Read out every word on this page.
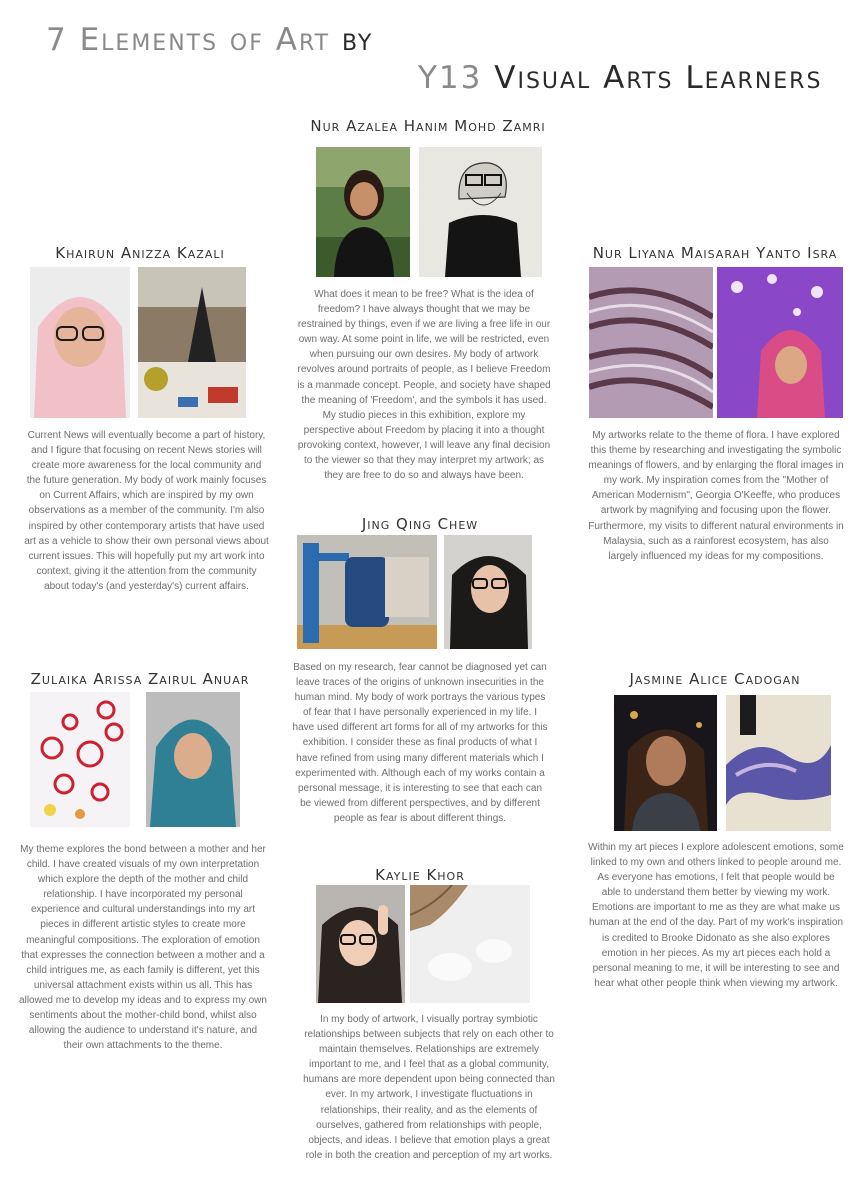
7 Elements of Art by
Y13 Visual Arts Learners
Nur Azalea Hanim Mohd Zamri

What does it mean to be free? What is the idea of freedom? I have always thought that we may be restrained by things, even if we are living a free life in our own way. At some point in life, we will be restricted, even when pursuing our own desires. My body of artwork revolves around portraits of people, as I believe Freedom is a manmade concept. People, and society have shaped the meaning of 'Freedom', and the symbols it has used. My studio pieces in this exhibition, explore my perspective about Freedom by placing it into a thought provoking context, however, I will leave any final decision to the viewer so that they may interpret my artwork; as they are free to do so and always have been.

Khairun Anizza Kazali

Current News will eventually become a part of history, and I figure that focusing on recent News stories will create more awareness for the local community and the future generation. My body of work mainly focuses on Current Affairs, which are inspired by my own observations as a member of the community. I'm also inspired by other contemporary artists that have used art as a vehicle to show their own personal views about current issues. This will hopefully put my art work into context, giving it the attention from the community about today's (and yesterday's) current affairs.

Nur Liyana Maisarah Yanto Isra

My artworks relate to the theme of flora. I have explored this theme by researching and investigating the symbolic meanings of flowers, and by enlarging the floral images in my work. My inspiration comes from the "Mother of American Modernism", Georgia O'Keeffe, who produces artwork by magnifying and focusing upon the flower. Furthermore, my visits to different natural environments in Malaysia, such as a rainforest ecosystem, has also largely influenced my ideas for my compositions.

Jing Qing Chew

Based on my research, fear cannot be diagnosed yet can leave traces of the origins of unknown insecurities in the human mind. My body of work portrays the various types of fear that I have personally experienced in my life. I have used different art forms for all of my artworks for this exhibition. I consider these as final products of what I have refined from using many different materials which I experimented with. Although each of my works contain a personal message, it is interesting to see that each can be viewed from different perspectives, and by different people as fear is about different things.

Zulaika Arissa Zairul Anuar

My theme explores the bond between a mother and her child. I have created visuals of my own interpretation which explore the depth of the mother and child relationship. I have incorporated my personal experience and cultural understandings into my art pieces in different artistic styles to create more meaningful compositions. The exploration of emotion that expresses the connection between a mother and a child intrigues me, as each family is different, yet this universal attachment exists within us all. This has allowed me to develop my ideas and to express my own sentiments about the mother-child bond, whilst also allowing the audience to understand it's nature, and their own attachments to the theme.

Jasmine Alice Cadogan

Within my art pieces I explore adolescent emotions, some linked to my own and others linked to people around me. As everyone has emotions, I felt that people would be able to understand them better by viewing my work. Emotions are important to me as they are what make us human at the end of the day. Part of my work's inspiration is credited to Brooke Didonato as she also explores emotion in her pieces. As my art pieces each hold a personal meaning to me, it will be interesting to see and hear what other people think when viewing my artwork.

Kaylie Khor

In my body of artwork, I visually portray symbiotic relationships between subjects that rely on each other to maintain themselves. Relationships are extremely important to me, and I feel that as a global community, humans are more dependent upon being connected than ever. In my artwork, I investigate fluctuations in relationships, their reality, and as the elements of ourselves, gathered from relationships with people, objects, and ideas. I believe that emotion plays a great role in both the creation and perception of my art works.
